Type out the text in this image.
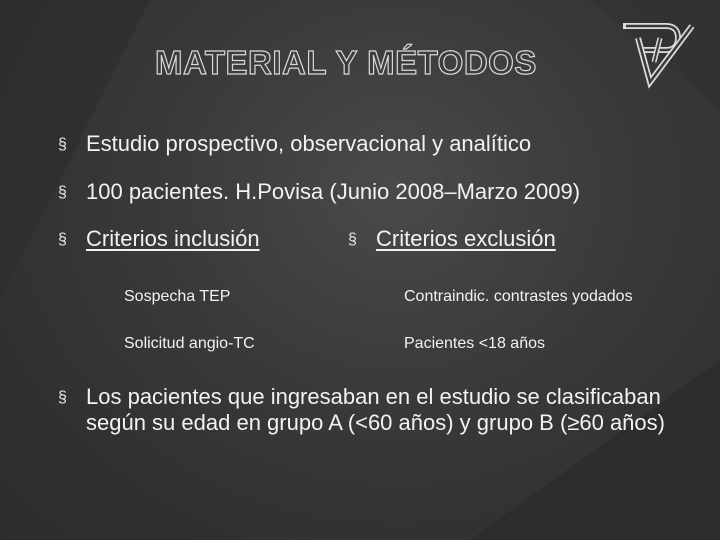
MATERIAL Y MÉTODOS
§ Estudio prospectivo, observacional y analítico
§ 100 pacientes. H.Povisa (Junio 2008–Marzo 2009)
§ Criterios inclusión	§ Criterios exclusión
Sospecha TEP
Solicitud angio-TC
Contraindic. contrastes yodados
Pacientes <18 años
§ Los pacientes que ingresaban en el estudio se clasificaban según su edad en grupo A (<60 años) y grupo B (≥60 años)
